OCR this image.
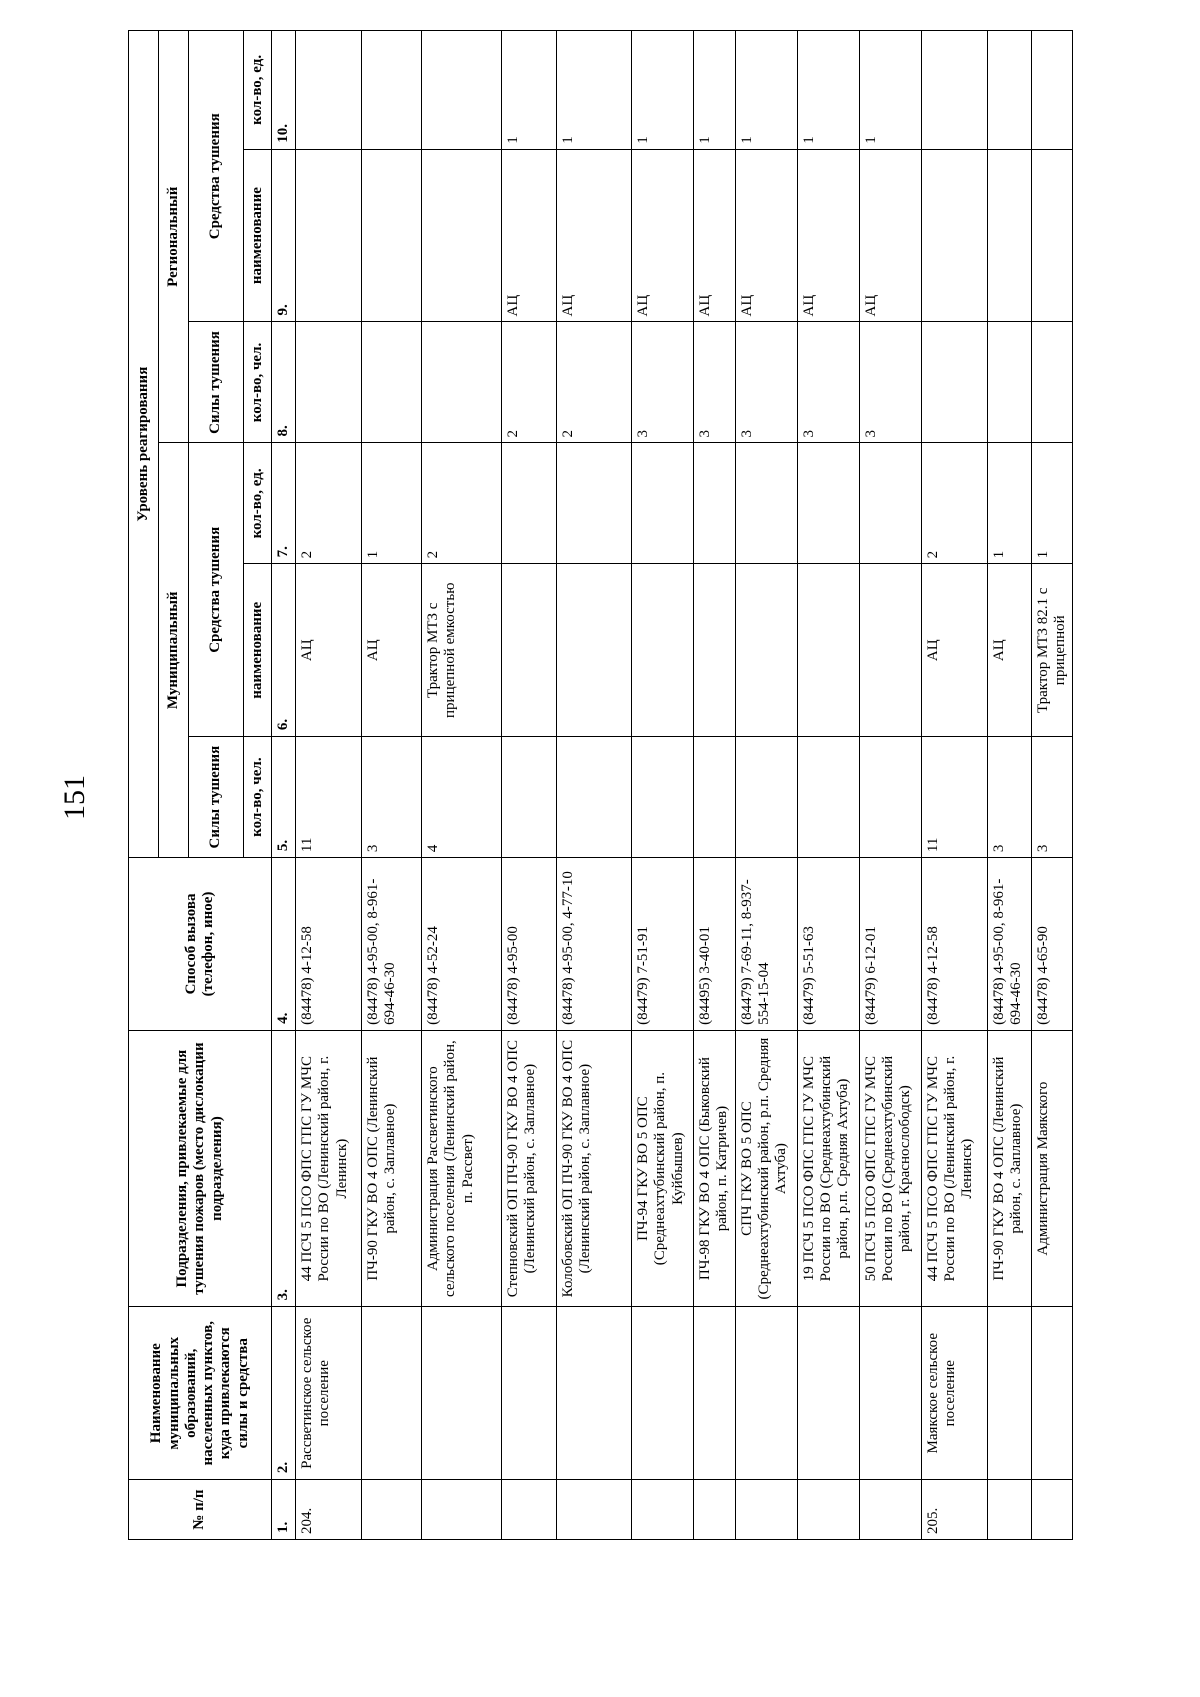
151
№ п/п	Наименование муниципальных образований, населенных пунктов, куда привлекаются силы и средства	Подразделения, привлекаемые для тушения пожаров (место дислокации подразделения)	Способ вызова (телефон, иное)	Уровень реагирования					
				Муниципальный			Региональный		
				Силы тушения	Средства тушения		Силы тушения	Средства тушения	
				кол-во, чел.	наименование	кол-во, ед.	кол-во, чел.	наименование	кол-во, ед.
1.	2.	3.	4.	5.	6.	7.	8.	9.	10.
204.	Рассветинское сельское поселение	44 ПСЧ 5 ПСО ФПС ГПС ГУ МЧС России по ВО (Ленинский район, г. Ленинск)	(84478) 4-12-58	11	АЦ	2			
		ПЧ-90 ГКУ ВО 4 ОПС (Ленинский район, с. Заплавное)	(84478) 4-95-00, 8-961-694-46-30	3	АЦ	1			
		Администрация Рассветинского сельского поселения (Ленинский район, п. Рассвет)	(84478) 4-52-24	4	Трактор МТЗ с прицепной емкостью	2			
		Степновский ОП ПЧ-90 ГКУ ВО 4 ОПС (Ленинский район, с. Заплавное)	(84478) 4-95-00				2	АЦ	1
		Колобовский ОП ПЧ-90 ГКУ ВО 4 ОПС (Ленинский район, с. Заплавное)	(84478) 4-95-00, 4-77-10				2	АЦ	1
		ПЧ-94 ГКУ ВО 5 ОПС (Среднеахтубинский район, п. Куйбышев)	(84479) 7-51-91				3	АЦ	1
		ПЧ-98 ГКУ ВО 4 ОПС (Быковский район, п. Катричев)	(84495) 3-40-01				3	АЦ	1
		СПЧ ГКУ ВО 5 ОПС (Среднеахтубинский район, р.п. Средняя Ахтуба)	(84479) 7-69-11, 8-937-554-15-04				3	АЦ	1
		19 ПСЧ 5 ПСО ФПС ГПС ГУ МЧС России по ВО (Среднеахтубинский район, р.п. Средняя Ахтуба)	(84479) 5-51-63				3	АЦ	1
		50 ПСЧ 5 ПСО ФПС ГПС ГУ МЧС России по ВО (Среднеахтубинский район, г. Краснослободск)	(84479) 6-12-01				3	АЦ	1
205.	Маякское сельское поселение	44 ПСЧ 5 ПСО ФПС ГПС ГУ МЧС России по ВО (Ленинский район, г. Ленинск)	(84478) 4-12-58	11	АЦ	2			
		ПЧ-90 ГКУ ВО 4 ОПС (Ленинский район, с. Заплавное)	(84478) 4-95-00, 8-961-694-46-30	3	АЦ	1			
		Администрация Маякского	(84478) 4-65-90	3	Трактор МТЗ 82.1 с прицепной	1			
